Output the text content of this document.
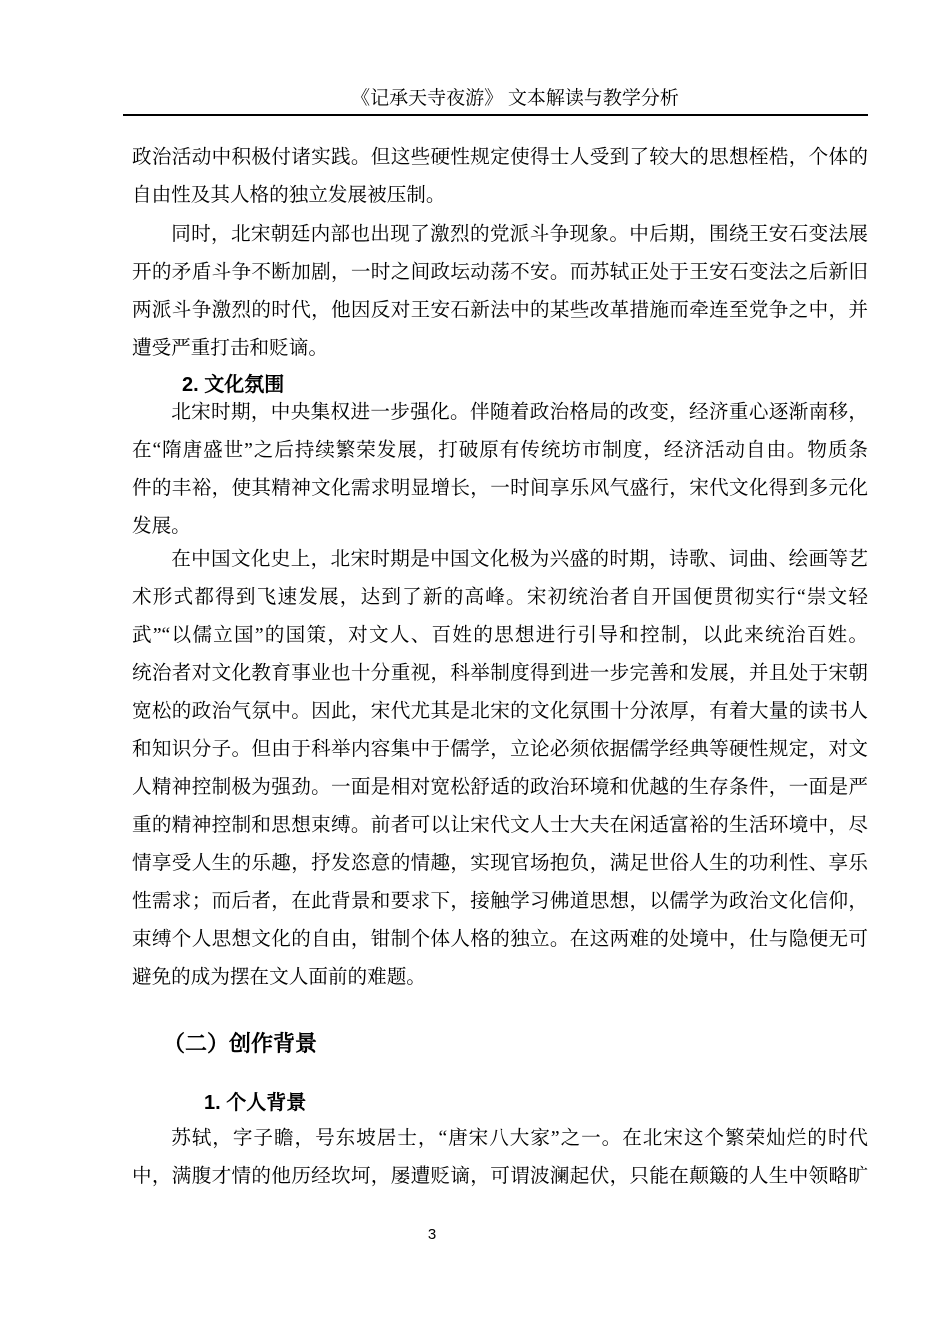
《记承天寺夜游》 文本解读与教学分析
政治活动中积极付诸实践。但这些硬性规定使得士人受到了较大的思想桎梏，个体的
自由性及其人格的独立发展被压制。
同时，北宋朝廷内部也出现了激烈的党派斗争现象。中后期，围绕王安石变法展
开的矛盾斗争不断加剧，一时之间政坛动荡不安。而苏轼正处于王安石变法之后新旧
两派斗争激烈的时代，他因反对王安石新法中的某些改革措施而牵连至党争之中，并
遭受严重打击和贬谪。
2. 文化氛围
北宋时期，中央集权进一步强化。伴随着政治格局的改变，经济重心逐渐南移，
在“隋唐盛世”之后持续繁荣发展，打破原有传统坊市制度，经济活动自由。物质条
件的丰裕，使其精神文化需求明显增长，一时间享乐风气盛行，宋代文化得到多元化
发展。
在中国文化史上，北宋时期是中国文化极为兴盛的时期，诗歌、词曲、绘画等艺
术形式都得到飞速发展，达到了新的高峰。宋初统治者自开国便贯彻实行“崇文轻
武”“以儒立国”的国策，对文人、百姓的思想进行引导和控制，以此来统治百姓。
统治者对文化教育事业也十分重视，科举制度得到进一步完善和发展，并且处于宋朝
宽松的政治气氛中。因此，宋代尤其是北宋的文化氛围十分浓厚，有着大量的读书人
和知识分子。但由于科举内容集中于儒学，立论必须依据儒学经典等硬性规定，对文
人精神控制极为强劲。一面是相对宽松舒适的政治环境和优越的生存条件，一面是严
重的精神控制和思想束缚。前者可以让宋代文人士大夫在闲适富裕的生活环境中，尽
情享受人生的乐趣，抒发恣意的情趣，实现官场抱负，满足世俗人生的功利性、享乐
性需求；而后者，在此背景和要求下，接触学习佛道思想，以儒学为政治文化信仰，
束缚个人思想文化的自由，钳制个体人格的独立。在这两难的处境中，仕与隐便无可
避免的成为摆在文人面前的难题。
（二）创作背景
1. 个人背景
苏轼，字子瞻，号东坡居士，“唐宋八大家”之一。在北宋这个繁荣灿烂的时代
中，满腹才情的他历经坎坷，屡遭贬谪，可谓波澜起伏，只能在颠簸的人生中领略旷
3
